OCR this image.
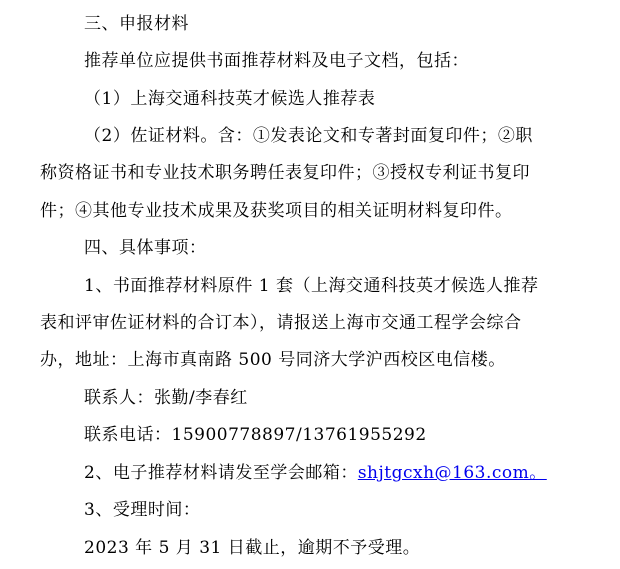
三、申报材料
推荐单位应提供书面推荐材料及电子文档，包括：
（1）上海交通科技英才候选人推荐表
（2）佐证材料。含：①发表论文和专著封面复印件；②职
称资格证书和专业技术职务聘任表复印件；③授权专利证书复印
件；④其他专业技术成果及获奖项目的相关证明材料复印件。
四、具体事项：
1、书面推荐材料原件 1 套（上海交通科技英才候选人推荐
表和评审佐证材料的合订本），请报送上海市交通工程学会综合
办，地址：上海市真南路 500 号同济大学沪西校区电信楼。
联系人：张勤/李春红
联系电话：15900778897/13761955292
2、电子推荐材料请发至学会邮箱：shjtgcxh@163.com。
3、受理时间：
2023 年 5 月 31 日截止，逾期不予受理。
